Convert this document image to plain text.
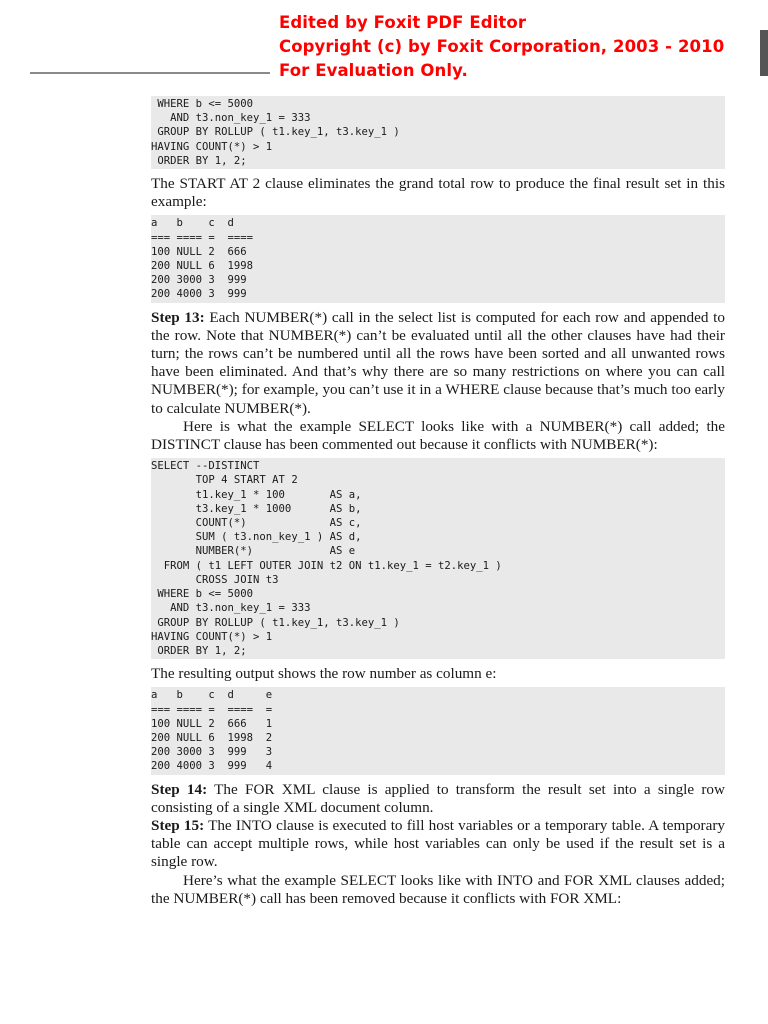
Edited by Foxit PDF Editor
Copyright (c) by Foxit Corporation, 2003 - 2010
For Evaluation Only.
WHERE b <= 5000
AND t3.non_key_1 = 333
GROUP BY ROLLUP ( t1.key_1, t3.key_1 )
HAVING COUNT(*) > 1
ORDER BY 1, 2;

The START AT 2 clause eliminates the grand total row to produce the final result set in this example:

a   b    c  d
=== ==== =  ====
100 NULL 2  666
200 NULL 6  1998
200 3000 3  999
200 4000 3  999

Step 13: Each NUMBER(*) call in the select list is computed for each row and appended to the row. Note that NUMBER(*) can’t be evaluated until all the other clauses have had their turn; the rows can’t be numbered until all the rows have been sorted and all unwanted rows have been eliminated. And that’s why there are so many restrictions on where you can call NUMBER(*); for example, you can’t use it in a WHERE clause because that’s much too early to calculate NUMBER(*).

Here is what the example SELECT looks like with a NUMBER(*) call added; the DISTINCT clause has been commented out because it conflicts with NUMBER(*):

SELECT --DISTINCT
TOP 4 START AT 2
t1.key_1 * 100       AS a,
t3.key_1 * 1000      AS b,
COUNT(*)             AS c,
SUM ( t3.non_key_1 ) AS d,
NUMBER(*)            AS e
FROM ( t1 LEFT OUTER JOIN t2 ON t1.key_1 = t2.key_1 )
CROSS JOIN t3
WHERE b <= 5000
AND t3.non_key_1 = 333
GROUP BY ROLLUP ( t1.key_1, t3.key_1 )
HAVING COUNT(*) > 1
ORDER BY 1, 2;

The resulting output shows the row number as column e:

a   b    c  d     e
=== ==== =  ====  =
100 NULL 2  666   1
200 NULL 6  1998  2
200 3000 3  999   3
200 4000 3  999   4

Step 14: The FOR XML clause is applied to transform the result set into a single row consisting of a single XML document column.

Step 15: The INTO clause is executed to fill host variables or a temporary table. A temporary table can accept multiple rows, while host variables can only be used if the result set is a single row.

Here’s what the example SELECT looks like with INTO and FOR XML clauses added; the NUMBER(*) call has been removed because it conflicts with FOR XML:
